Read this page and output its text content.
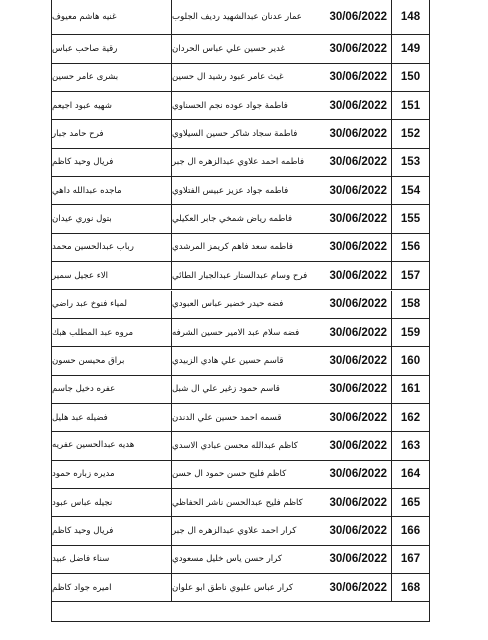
غنيه هاشم معيوف	عمار عدنان عبدالشهيد رديف الجلوب	30/06/2022	148
رقية صاحب عباس	غدير حسين علي عباس الحردان	30/06/2022	149
بشرى عامر حسين	غيث عامر عبود رشيد ال حسين	30/06/2022	150
شهيه عبود اجيعم	فاطمة جواد عوده نجم الحسناوي	30/06/2022	151
فرح حامد جبار	فاطمة سجاد شاكر حسين السيلاوي	30/06/2022	152
فريال وحيد كاظم	فاطمه احمد علاوي عبدالزهره ال جبر	30/06/2022	153
ماجده عبدالله داهي	فاطمه جواد عزيز عبيس الفتلاوي	30/06/2022	154
بتول نوري عيدان	فاطمه رياض شمخي جابر العكيلي	30/06/2022	155
رباب عبدالحسين محمد	فاطمه سعد فاهم كريمز المرشدي	30/06/2022	156
الاء عجيل سمير	فرح وسام عبدالستار عبدالجبار الطائي	30/06/2022	157
لمياء فنوخ عبد راضي	فضه حيدر خضير عباس العبودي	30/06/2022	158
مروه عبد المطلب هبك	فضه سلام عبد الامير حسين الشرفه	30/06/2022	159
براق محيسن حسون	قاسم حسين علي هادي الزبيدي	30/06/2022	160
عفره دخيل جاسم	قاسم حمود زغير علي ال شبل	30/06/2022	161
فضيله عبد هليل	قسمه احمد حسين علي الدندن	30/06/2022	162
هديه عبدالحسين عفريه	كاظم عبدالله محسن عبادي الاسدي	30/06/2022	163
مديره زباره حمود	كاظم فليح حسن حمود ال حسن	30/06/2022	164
نجيله عباس عبود	كاظم فليح عبدالحسن ناشر الحفاظي	30/06/2022	165
فريال وحيد كاظم	كرار احمد علاوي عبدالزهره ال جبر	30/06/2022	166
سناء فاضل عبيد	كرار حسن ياس خليل مسعودي	30/06/2022	167
اميره جواد كاظم	كرار عباس عليوي ناطق ابو علوان	30/06/2022	168
